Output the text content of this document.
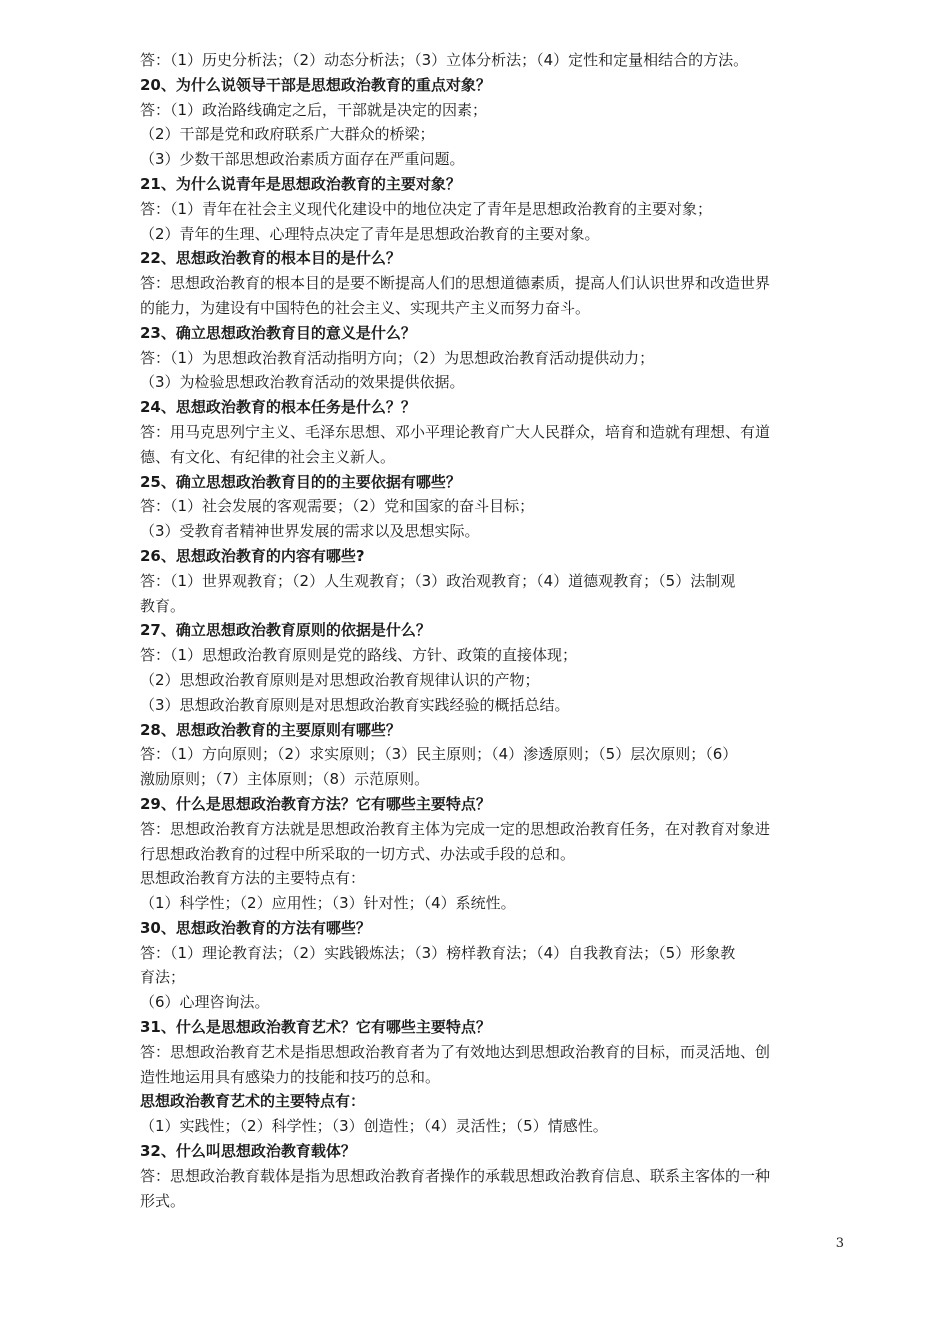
答：（1）历史分析法；（2）动态分析法；（3）立体分析法；（4）定性和定量相结合的方法。
20、为什么说领导干部是思想政治教育的重点对象？
答：（1）政治路线确定之后，干部就是决定的因素；
（2）干部是党和政府联系广大群众的桥梁；
（3）少数干部思想政治素质方面存在严重问题。
21、为什么说青年是思想政治教育的主要对象？
答：（1）青年在社会主义现代化建设中的地位决定了青年是思想政治教育的主要对象；
（2）青年的生理、心理特点决定了青年是思想政治教育的主要对象。
22、思想政治教育的根本目的是什么？
答：思想政治教育的根本目的是要不断提高人们的思想道德素质，提高人们认识世界和改造世界
的能力，为建设有中国特色的社会主义、实现共产主义而努力奋斗。
23、确立思想政治教育目的意义是什么？
答：（1）为思想政治教育活动指明方向；（2）为思想政治教育活动提供动力；
（3）为检验思想政治教育活动的效果提供依据。
24、思想政治教育的根本任务是什么？？
答：用马克思列宁主义、毛泽东思想、邓小平理论教育广大人民群众，培育和造就有理想、有道
德、有文化、有纪律的社会主义新人。
25、确立思想政治教育目的的主要依据有哪些？
答：（1）社会发展的客观需要；（2）党和国家的奋斗目标；
（3）受教育者精神世界发展的需求以及思想实际。
26、思想政治教育的内容有哪些?
答：（1）世界观教育；（2）人生观教育；（3）政治观教育；（4）道德观教育；（5）法制观
教育。
27、确立思想政治教育原则的依据是什么？
答：（1）思想政治教育原则是党的路线、方针、政策的直接体现；
（2）思想政治教育原则是对思想政治教育规律认识的产物；
（3）思想政治教育原则是对思想政治教育实践经验的概括总结。
28、思想政治教育的主要原则有哪些？
答：（1）方向原则；（2）求实原则；（3）民主原则；（4）渗透原则；（5）层次原则；（6）
激励原则；（7）主体原则；（8）示范原则。
29、什么是思想政治教育方法？它有哪些主要特点？
答：思想政治教育方法就是思想政治教育主体为完成一定的思想政治教育任务，在对教育对象进
行思想政治教育的过程中所采取的一切方式、办法或手段的总和。
思想政治教育方法的主要特点有：
（1）科学性；（2）应用性；（3）针对性；（4）系统性。
30、思想政治教育的方法有哪些？
答：（1）理论教育法；（2）实践锻炼法；（3）榜样教育法；（4）自我教育法；（5）形象教
育法；
（6）心理咨询法。
31、什么是思想政治教育艺术？它有哪些主要特点？
答：思想政治教育艺术是指思想政治教育者为了有效地达到思想政治教育的目标，而灵活地、创
造性地运用具有感染力的技能和技巧的总和。
思想政治教育艺术的主要特点有：
（1）实践性；（2）科学性；（3）创造性；（4）灵活性；（5）情感性。
32、什么叫思想政治教育载体？
答：思想政治教育载体是指为思想政治教育者操作的承载思想政治教育信息、联系主客体的一种
形式。
3
